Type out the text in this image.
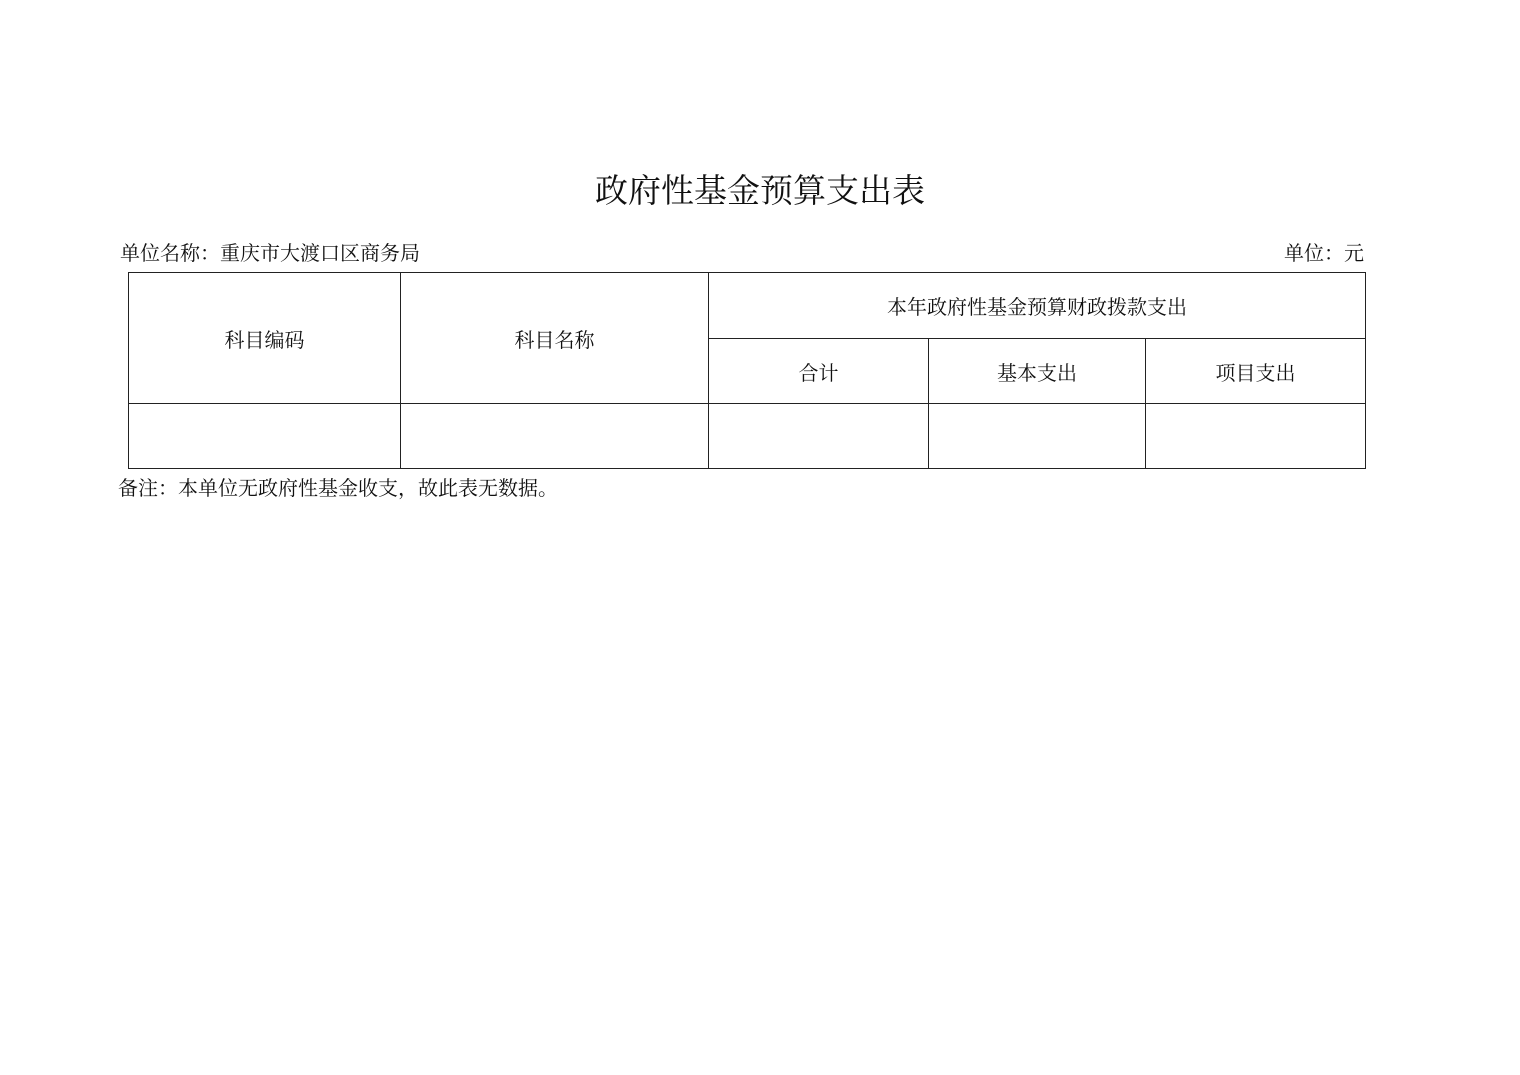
政府性基金预算支出表
单位名称：重庆市大渡口区商务局	单位：元
科目编码	科目名称	本年政府性基金预算财政拨款支出		
		合计	基本支出	项目支出

备注：本单位无政府性基金收支，故此表无数据。
